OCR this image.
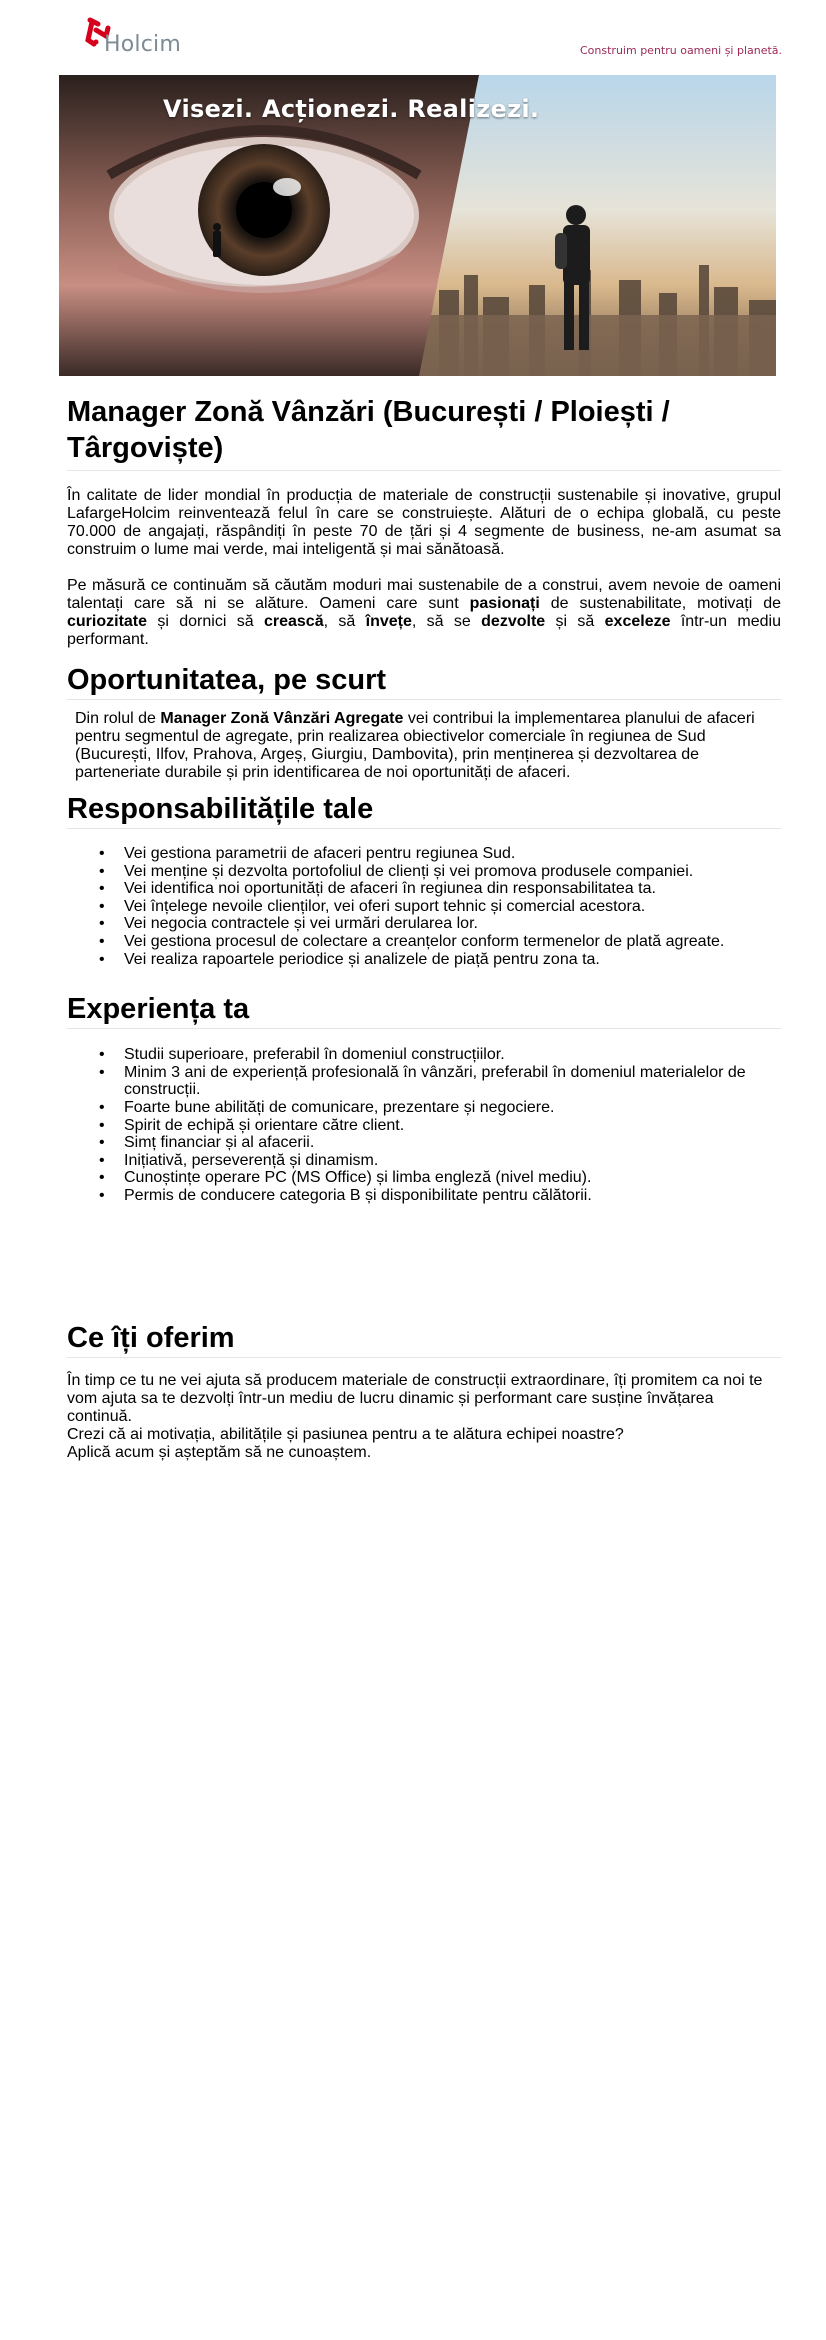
Holcim	Construim pentru oameni și planetă.
Visezi. Acționezi. Realizezi.
Manager Zonă Vânzări (București / Ploiești / Târgoviște)

În calitate de lider mondial în producția de materiale de construcții sustenabile și inovative, grupul LafargeHolcim reinventează felul în care se construiește. Alături de o echipa globală, cu peste 70.000 de angajați, răspândiți în peste 70 de țări și 4 segmente de business, ne-am asumat sa construim o lume mai verde, mai inteligentă și mai sănătoasă.

Pe măsură ce continuăm să căutăm moduri mai sustenabile de a construi, avem nevoie de oameni talentați care să ni se alăture. Oameni care sunt pasionați de sustenabilitate, motivați de curiozitate și dornici să crească, să învețe, să se dezvolte și să exceleze într-un mediu performant.

Oportunitatea, pe scurt

Din rolul de Manager Zonă Vânzări Agregate vei contribui la implementarea planului de afaceri pentru segmentul de agregate, prin realizarea obiectivelor comerciale în regiunea de Sud (București, Ilfov, Prahova, Argeș, Giurgiu, Dambovita), prin menținerea și dezvoltarea de parteneriate durabile și prin identificarea de noi oportunități de afaceri.

Responsabilitățile tale
• Vei gestiona parametrii de afaceri pentru regiunea Sud.
• Vei menține și dezvolta portofoliul de clienți și vei promova produsele companiei.
• Vei identifica noi oportunități de afaceri în regiunea din responsabilitatea ta.
• Vei înțelege nevoile clienților, vei oferi suport tehnic și comercial acestora.
• Vei negocia contractele și vei urmări derularea lor.
• Vei gestiona procesul de colectare a creanțelor conform termenelor de plată agreate.
• Vei realiza rapoartele periodice și analizele de piață pentru zona ta.
Experiența ta
• Studii superioare, preferabil în domeniul construcțiilor.
• Minim 3 ani de experiență profesională în vânzări, preferabil în domeniul materialelor de construcții.
• Foarte bune abilități de comunicare, prezentare și negociere.
• Spirit de echipă și orientare către client.
• Simț financiar și al afacerii.
• Inițiativă, perseverență și dinamism.
• Cunoștințe operare PC (MS Office) și limba engleză (nivel mediu).
• Permis de conducere categoria B și disponibilitate pentru călătorii.
Ce îți oferim

În timp ce tu ne vei ajuta să producem materiale de construcții extraordinare, îți promitem ca noi te vom ajuta sa te dezvolți într-un mediu de lucru dinamic și performant care susține învățarea continuă.

Crezi că ai motivația, abilitățile și pasiunea pentru a te alătura echipei noastre?

Aplică acum și așteptăm să ne cunoaștem.
